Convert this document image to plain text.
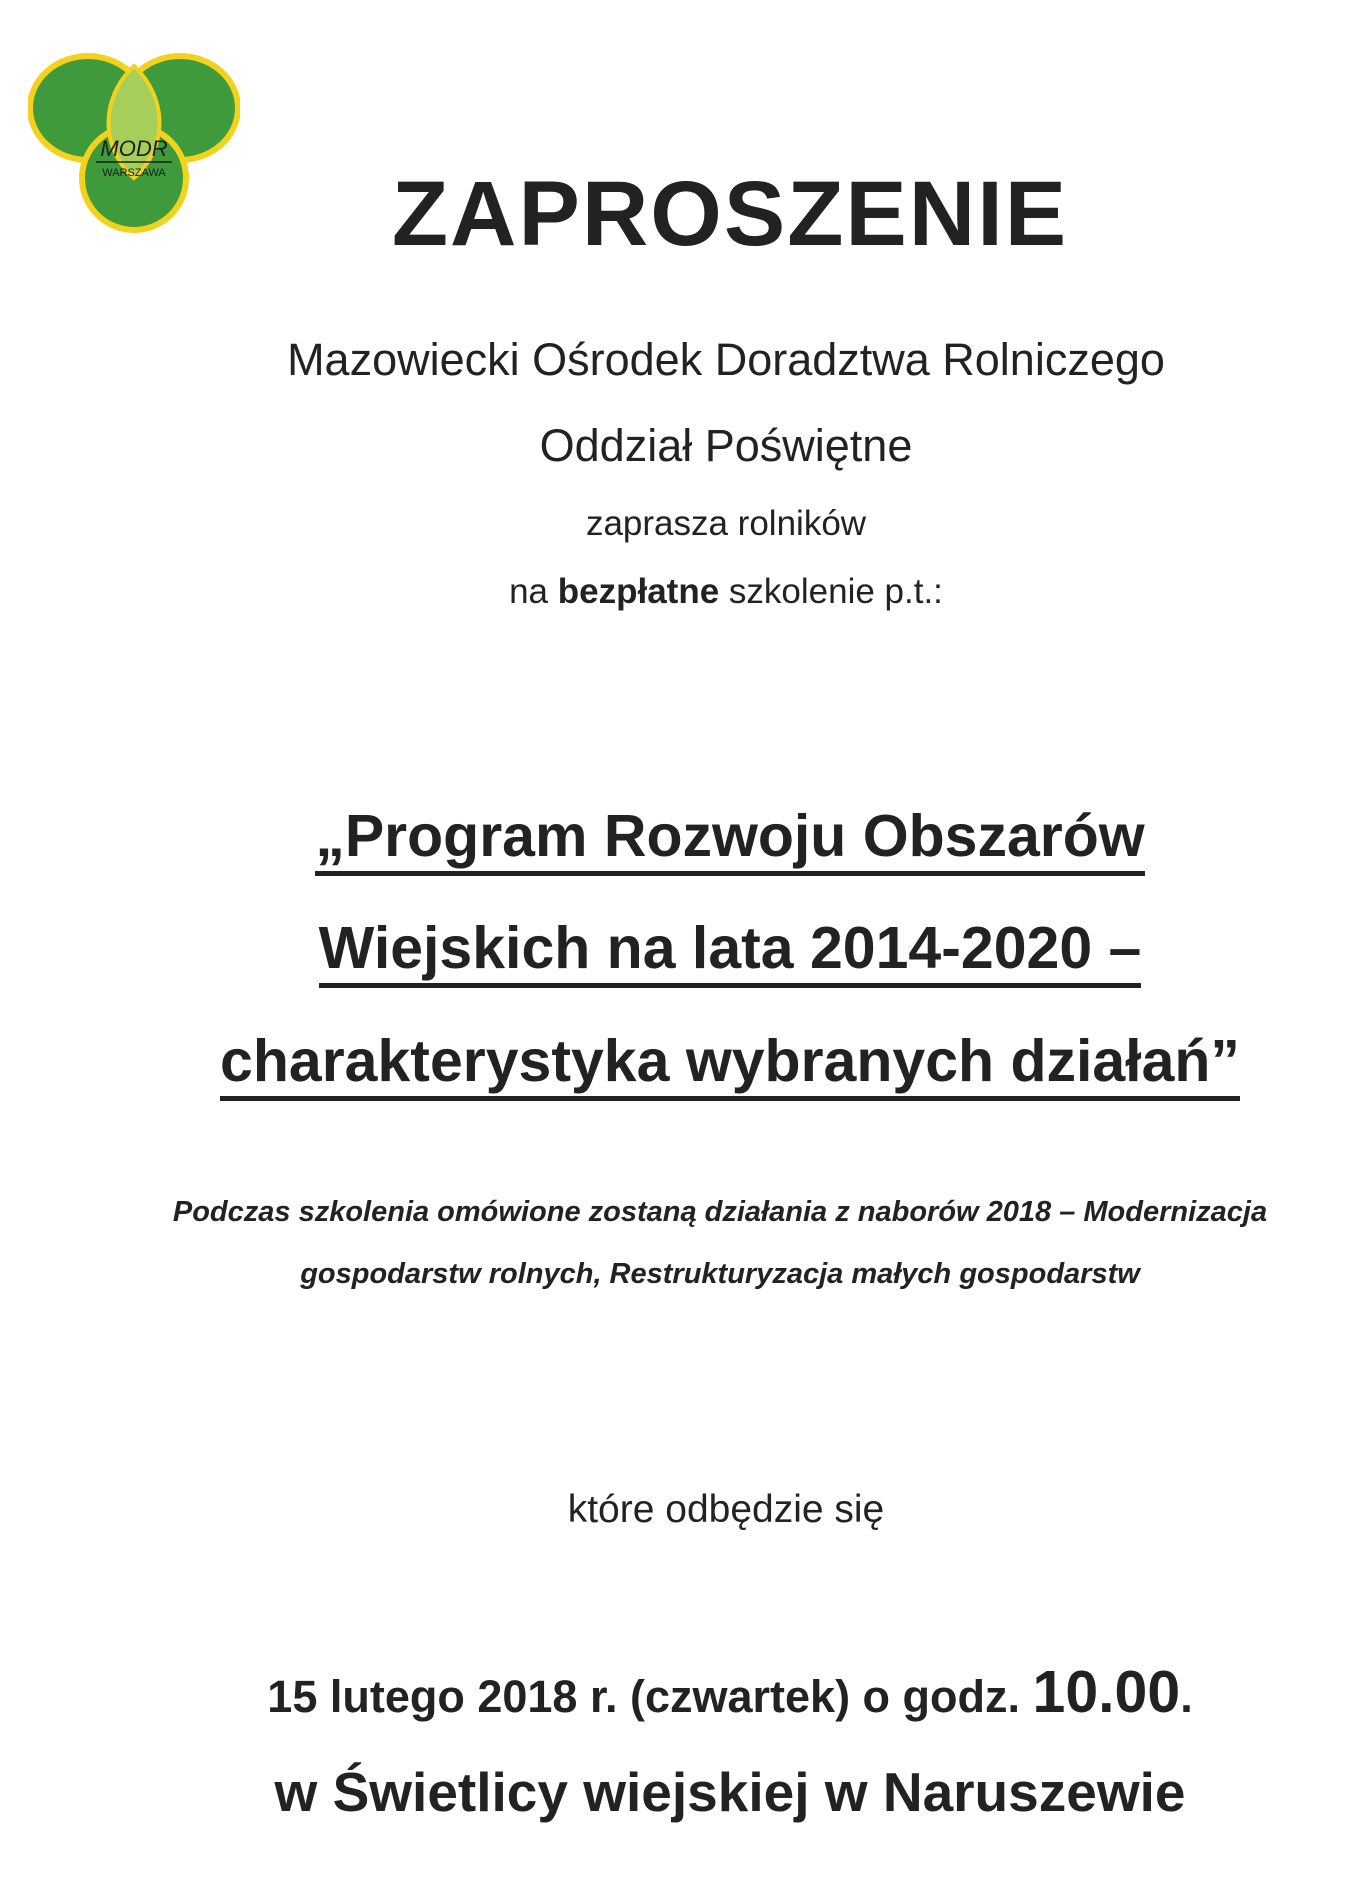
MODR
WARSZAWA	ZAPROSZENIE
Mazowiecki Ośrodek Doradztwa Rolniczego
Oddział Poświętne
zaprasza rolników
na bezpłatne szkolenie p.t.:
„Program Rozwoju Obszarów
Wiejskich na lata 2014-2020 –
charakterystyka wybranych działań”
Podczas szkolenia omówione zostaną działania z naborów 2018 – Modernizacja
gospodarstw rolnych, Restrukturyzacja małych gospodarstw
które odbędzie się
15 lutego 2018 r. (czwartek) o godz. 10.00.
w Świetlicy wiejskiej w Naruszewie
